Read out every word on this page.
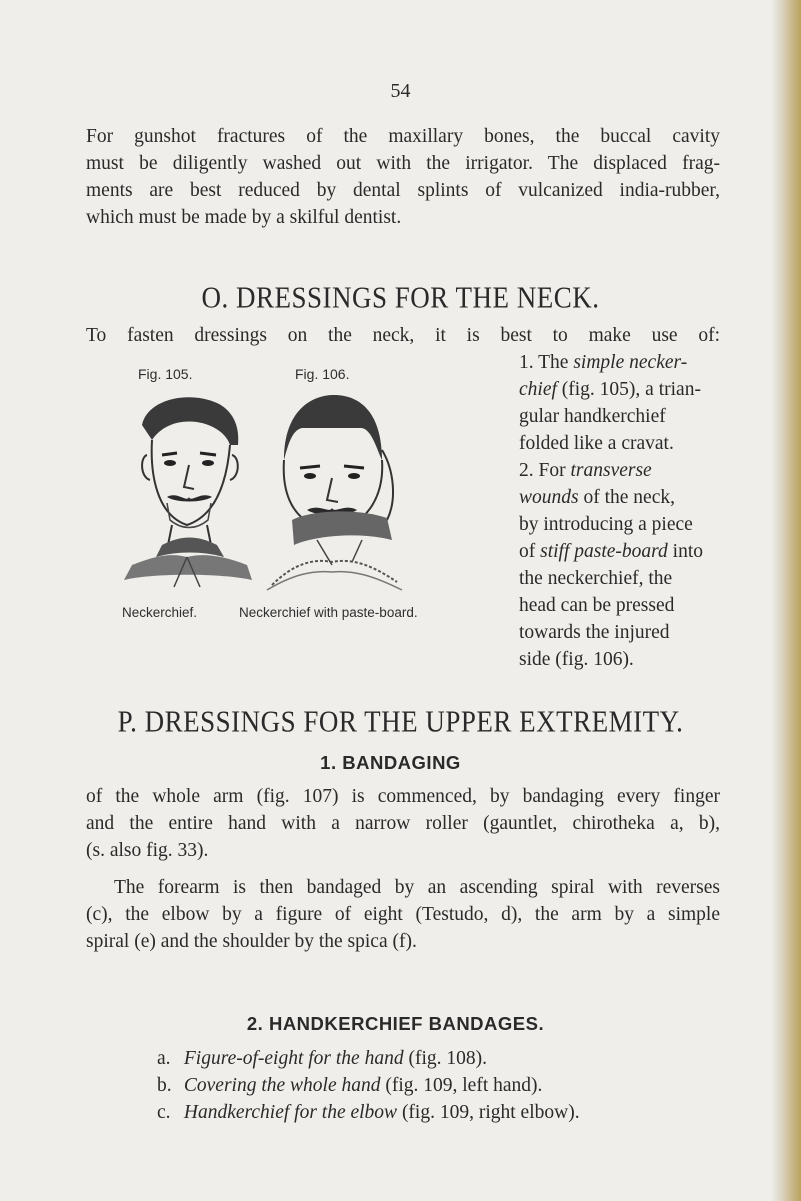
54

For gunshot fractures of the maxillary bones, the buccal cavity

must be diligently washed out with the irrigator. The displaced frag-

ments are best reduced by dental splints of vulcanized india-rubber,

which must be made by a skilful dentist.

O. DRESSINGS FOR THE NECK.
To fasten dressings on the neck, it is best to make use of:
Fig. 105.
Neckerchief.
Fig. 106.
Neckerchief with paste-board.
1. The simple necker-
chief (fig. 105), a trian-
gular handkerchief
folded like a cravat.
2. For transverse
wounds of the neck,
by introducing a piece
of stiff paste-board into
the neckerchief, the
head can be pressed
towards the injured
side (fig. 106).
P. DRESSINGS FOR THE UPPER EXTREMITY.
1. BANDAGING

of the whole arm (fig. 107) is commenced, by bandaging every finger

and the entire hand with a narrow roller (gauntlet, chirotheka a, b),

(s. also fig. 33).

The forearm is then bandaged by an ascending spiral with reverses

(c), the elbow by a figure of eight (Testudo, d), the arm by a simple

spiral (e) and the shoulder by the spica (f).

2. HANDKERCHIEF BANDAGES.
a. Figure-of-eight for the hand (fig. 108).
b. Covering the whole hand (fig. 109, left hand).
c. Handkerchief for the elbow (fig. 109, right elbow).
